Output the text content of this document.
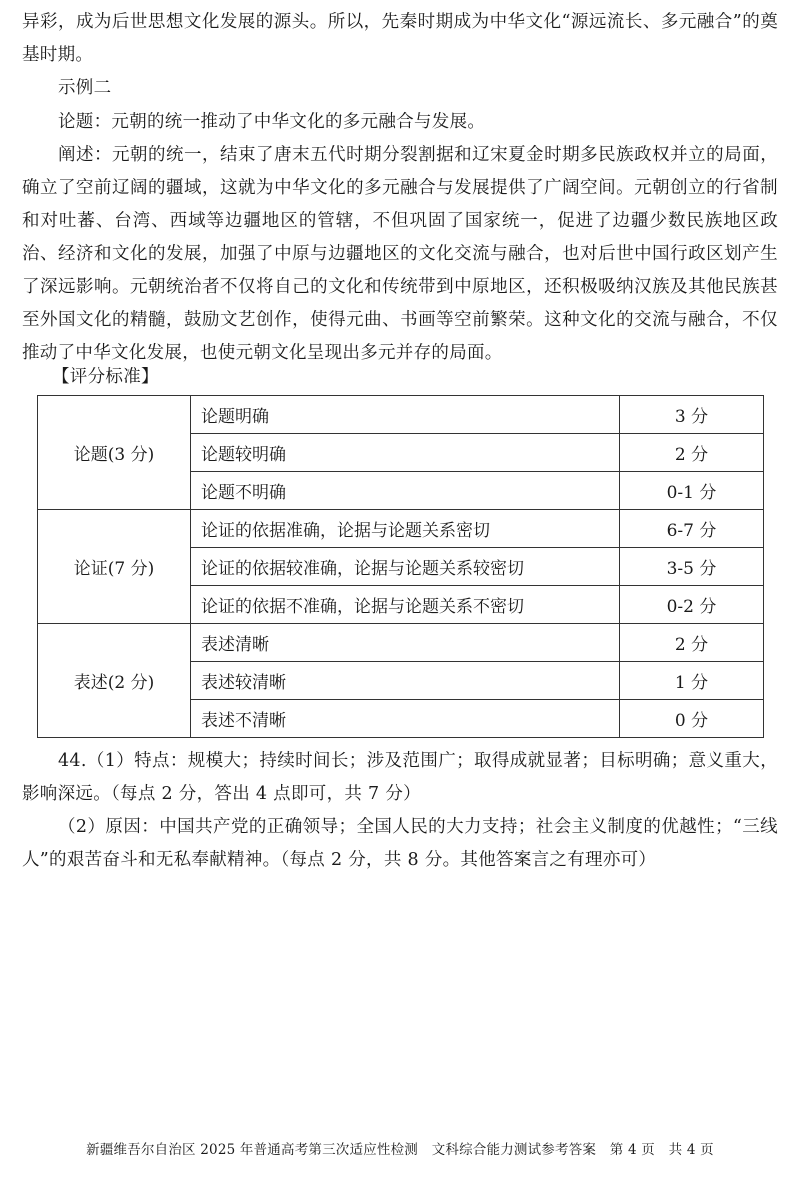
异彩，成为后世思想文化发展的源头。所以，先秦时期成为中华文化“源远流长、多元融合”的奠基时期。
示例二
论题：元朝的统一推动了中华文化的多元融合与发展。
阐述：元朝的统一，结束了唐末五代时期分裂割据和辽宋夏金时期多民族政权并立的局面，确立了空前辽阔的疆域，这就为中华文化的多元融合与发展提供了广阔空间。元朝创立的行省制和对吐蕃、台湾、西域等边疆地区的管辖，不但巩固了国家统一，促进了边疆少数民族地区政治、经济和文化的发展，加强了中原与边疆地区的文化交流与融合，也对后世中国行政区划产生了深远影响。元朝统治者不仅将自己的文化和传统带到中原地区，还积极吸纳汉族及其他民族甚至外国文化的精髓，鼓励文艺创作，使得元曲、书画等空前繁荣。这种文化的交流与融合，不仅推动了中华文化发展，也使元朝文化呈现出多元并存的局面。
【评分标准】
论题(3 分)	论题明确	3 分
	论题较明确	2 分
	论题不明确	0-1 分
论证(7 分)	论证的依据准确，论据与论题关系密切	6-7 分
	论证的依据较准确，论据与论题关系较密切	3-5 分
	论证的依据不准确，论据与论题关系不密切	0-2 分
表述(2 分)	表述清晰	2 分
	表述较清晰	1 分
	表述不清晰	0 分
44.（1）特点：规模大；持续时间长；涉及范围广；取得成就显著；目标明确；意义重大，影响深远。（每点 2 分，答出 4 点即可，共 7 分）
（2）原因：中国共产党的正确领导；全国人民的大力支持；社会主义制度的优越性；“三线人”的艰苦奋斗和无私奉献精神。（每点 2 分，共 8 分。其他答案言之有理亦可）
新疆维吾尔自治区 2025 年普通高考第三次适应性检测　文科综合能力测试参考答案　第 4 页　共 4 页
